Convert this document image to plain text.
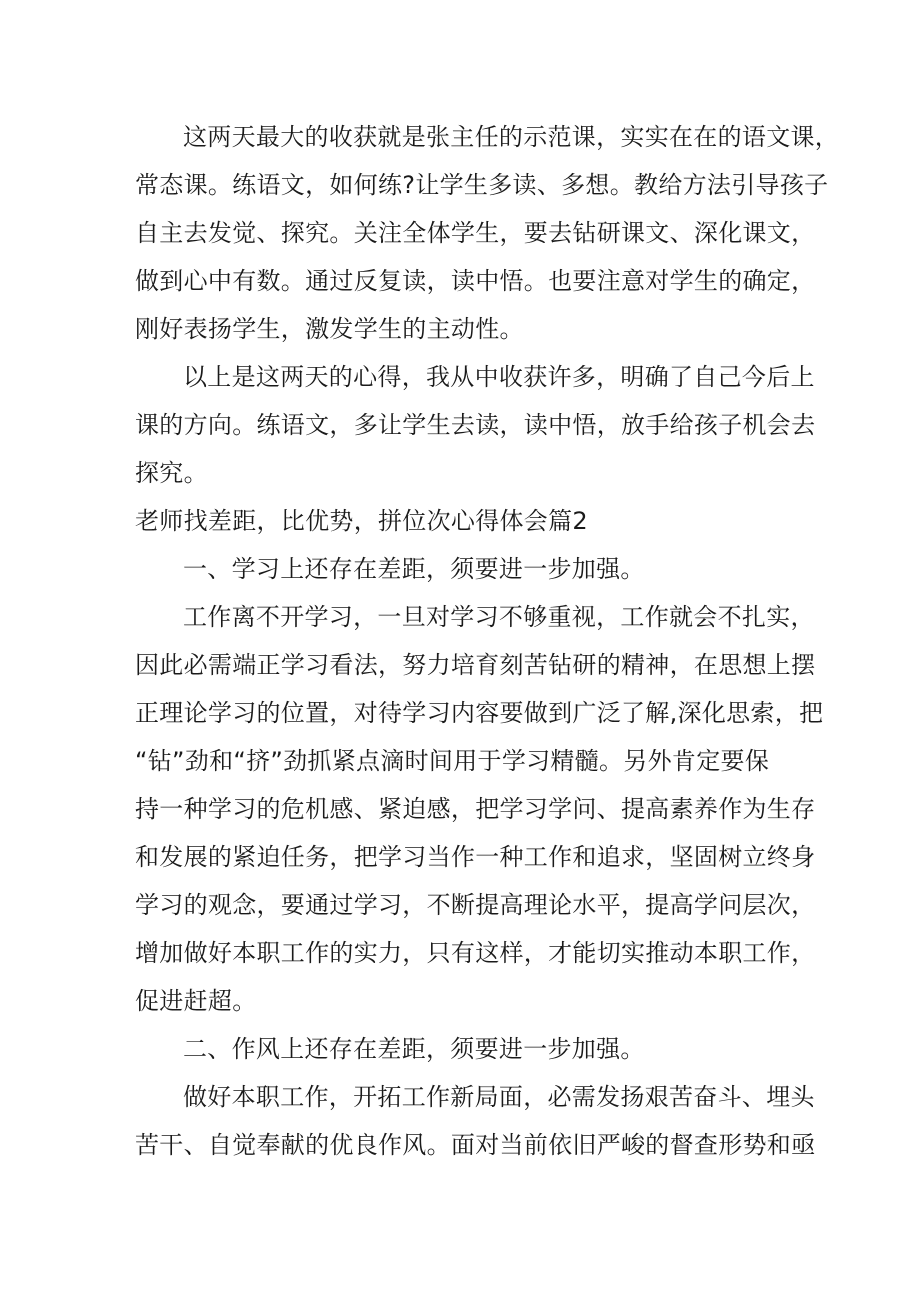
这两天最大的收获就是张主任的示范课，实实在在的语文课，
常态课。练语文，如何练?让学生多读、多想。教给方法引导孩子
自主去发觉、探究。关注全体学生，要去钻研课文、深化课文，
做到心中有数。通过反复读，读中悟。也要注意对学生的确定，
刚好表扬学生，激发学生的主动性。
以上是这两天的心得，我从中收获许多，明确了自己今后上
课的方向。练语文，多让学生去读，读中悟，放手给孩子机会去
探究。
老师找差距，比优势，拼位次心得体会篇2
一、学习上还存在差距，须要进一步加强。
工作离不开学习，一旦对学习不够重视，工作就会不扎实，
因此必需端正学习看法，努力培育刻苦钻研的精神，在思想上摆
正理论学习的位置，对待学习内容要做到广泛了解,深化思索，把
“钻”劲和“挤”劲抓紧点滴时间用于学习精髓。另外肯定要保
持一种学习的危机感、紧迫感，把学习学问、提高素养作为生存
和发展的紧迫任务，把学习当作一种工作和追求，坚固树立终身
学习的观念，要通过学习，不断提高理论水平，提高学问层次，
增加做好本职工作的实力，只有这样，才能切实推动本职工作，
促进赶超。
二、作风上还存在差距，须要进一步加强。
做好本职工作，开拓工作新局面，必需发扬艰苦奋斗、埋头
苦干、自觉奉献的优良作风。面对当前依旧严峻的督查形势和亟
